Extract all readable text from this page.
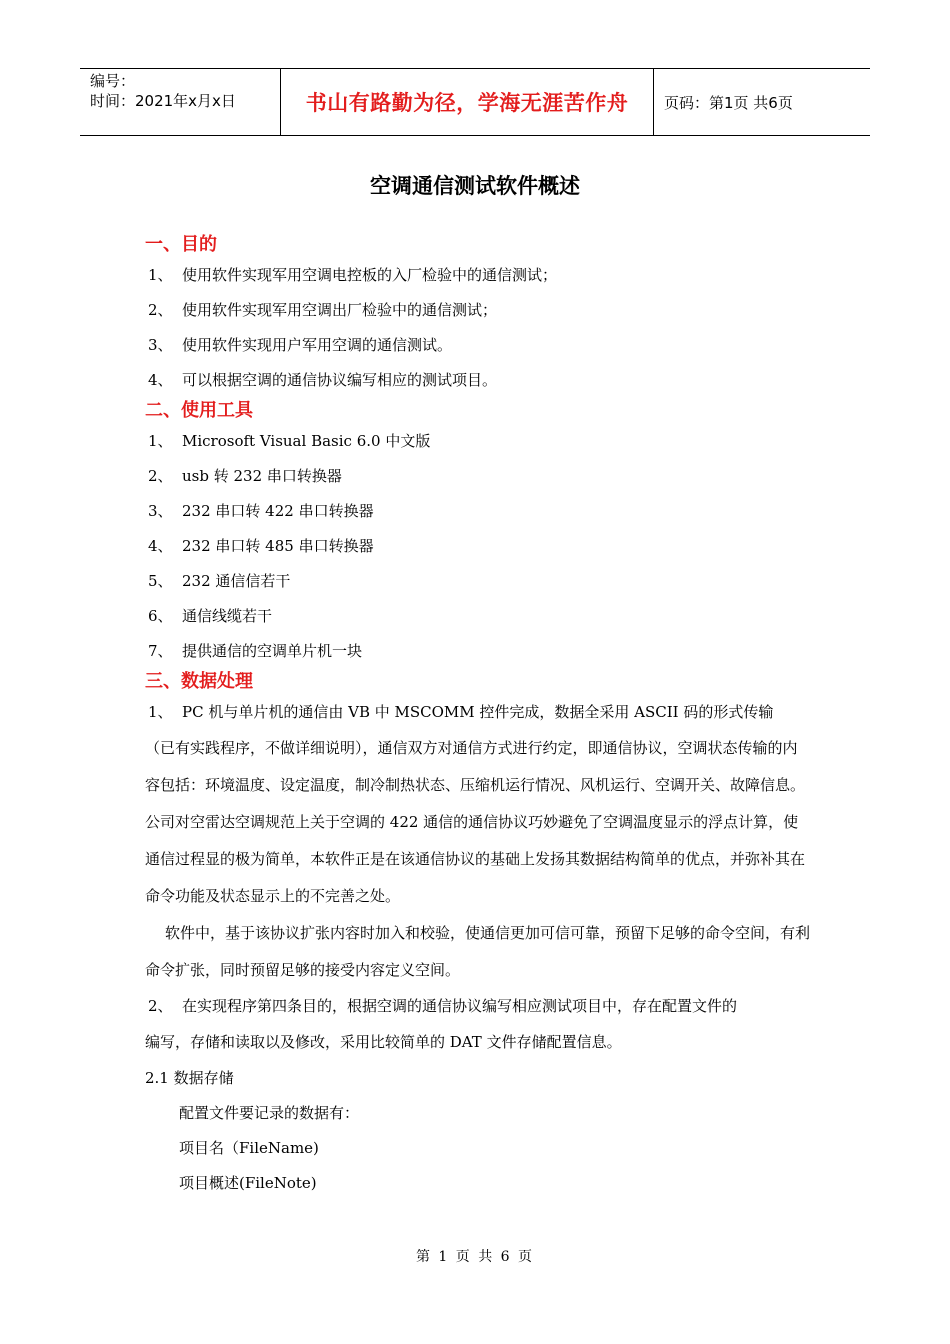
编号：
时间：2021年x月x日	书山有路勤为径，学海无涯苦作舟 页码：第1页 共6页
空调通信测试软件概述
一、目的
1、 使用软件实现军用空调电控板的入厂检验中的通信测试；
2、 使用软件实现军用空调出厂检验中的通信测试；
3、 使用软件实现用户军用空调的通信测试。
4、 可以根据空调的通信协议编写相应的测试项目。
二、使用工具
1、 Microsoft Visual Basic 6.0 中文版
2、 usb 转 232 串口转换器
3、 232 串口转 422 串口转换器
4、 232 串口转 485 串口转换器
5、 232 通信信若干
6、 通信线缆若干
7、 提供通信的空调单片机一块
三、数据处理
1、 PC 机与单片机的通信由 VB 中 MSCOMM 控件完成，数据全采用 ASCII 码的形式传输
（已有实践程序，不做详细说明），通信双方对通信方式进行约定，即通信协议，空调状态传输的内容包括：环境温度、设定温度，制冷制热状态、压缩机运行情况、风机运行、空调开关、故障信息。公司对空雷达空调规范上关于空调的 422 通信的通信协议巧妙避免了空调温度显示的浮点计算，使通信过程显的极为简单，本软件正是在该通信协议的基础上发扬其数据结构简单的优点，并弥补其在命令功能及状态显示上的不完善之处。
软件中，基于该协议扩张内容时加入和校验，使通信更加可信可靠，预留下足够的命令空间，有利命令扩张，同时预留足够的接受内容定义空间。
2、 在实现程序第四条目的，根据空调的通信协议编写相应测试项目中，存在配置文件的
编写，存储和读取以及修改，采用比较简单的 DAT 文件存储配置信息。
2.1 数据存储
配置文件要记录的数据有：
项目名（FileName)
项目概述(FileNote)
第 1 页 共 6 页
